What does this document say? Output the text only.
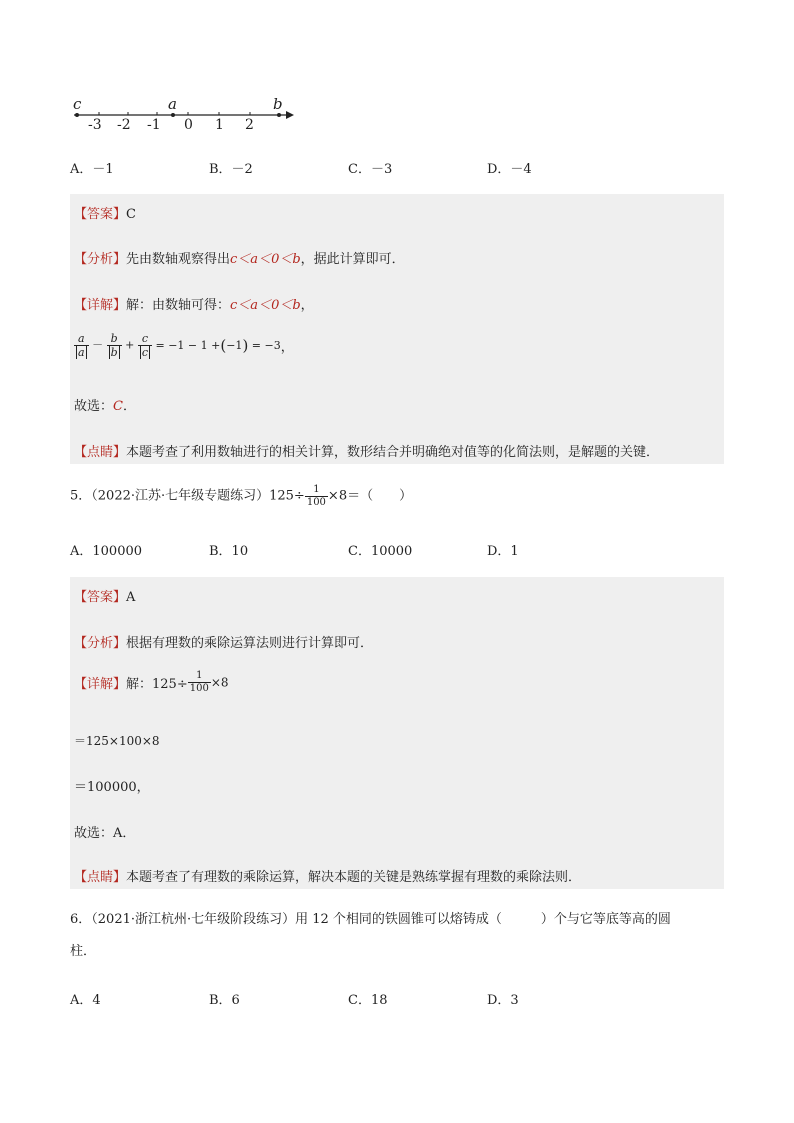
c	a	b
-3 -2 -1 0 1 2
A．－1	B．－2	C．－3	D．－4
【答案】C
【分析】先由数轴观察得出c＜a＜0＜b，据此计算即可．
【详解】解：由数轴可得：c＜a＜0＜b，
$\frac{a}{a} - \frac{b}{b} + \frac{c}{c} = -1 - 1 +(-1) = -3$，
故选：C．
【点睛】本题考查了利用数轴进行的相关计算，数形结合并明确绝对值等的化简法则，是解题的关键．
5．（2022·江苏·七年级专题练习）$125\div \frac{1}{100} \times 8=$（　　）
A．100000	B．10	C．10000	D．1
【答案】A
【分析】根据有理数的乘除运算法则进行计算即可．
【详解】解：$125\div \frac{1}{100} \times 8$
＝125×100×8
＝100000，
故选：A．
【点睛】本题考查了有理数的乘除运算，解决本题的关键是熟练掌握有理数的乘除法则．
6．（2021·浙江杭州·七年级阶段练习）用 12 个相同的铁圆锥可以熔铸成（　　　）个与它等底等高的圆
柱．
A．4	B．6	C．18	D．3
